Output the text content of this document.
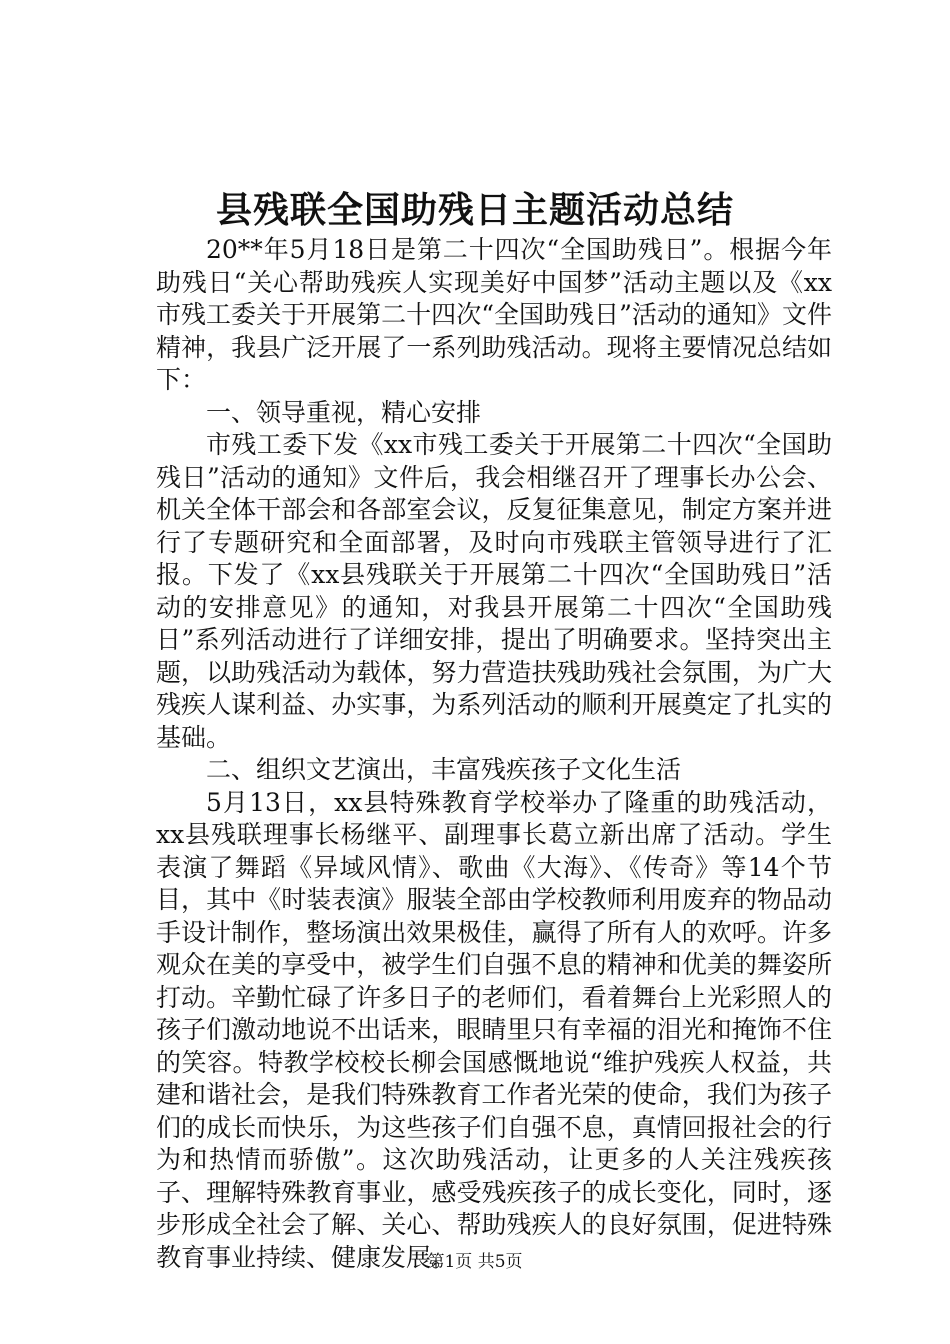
县残联全国助残日主题活动总结

20**年5月18日是第二十四次“全国助残日”。根据今年助残日“关心帮助残疾人实现美好中国梦”活动主题以及《xx市残工委关于开展第二十四次“全国助残日”活动的通知》文件精神，我县广泛开展了一系列助残活动。现将主要情况总结如下：

一、领导重视，精心安排

市残工委下发《xx市残工委关于开展第二十四次“全国助残日”活动的通知》文件后，我会相继召开了理事长办公会、机关全体干部会和各部室会议，反复征集意见，制定方案并进行了专题研究和全面部署，及时向市残联主管领导进行了汇报。下发了《xx县残联关于开展第二十四次“全国助残日”活动的安排意见》的通知，对我县开展第二十四次“全国助残日”系列活动进行了详细安排，提出了明确要求。坚持突出主题，以助残活动为载体，努力营造扶残助残社会氛围，为广大残疾人谋利益、办实事，为系列活动的顺利开展奠定了扎实的基础。

二、组织文艺演出，丰富残疾孩子文化生活

5月13日，xx县特殊教育学校举办了隆重的助残活动，xx县残联理事长杨继平、副理事长葛立新出席了活动。学生表演了舞蹈《异域风情》、歌曲《大海》、《传奇》等14个节目，其中《时装表演》服装全部由学校教师利用废弃的物品动手设计制作，整场演出效果极佳，赢得了所有人的欢呼。许多观众在美的享受中，被学生们自强不息的精神和优美的舞姿所打动。辛勤忙碌了许多日子的老师们，看着舞台上光彩照人的孩子们激动地说不出话来，眼睛里只有幸福的泪光和掩饰不住的笑容。特教学校校长柳会国感慨地说“维护残疾人权益，共建和谐社会，是我们特殊教育工作者光荣的使命，我们为孩子们的成长而快乐，为这些孩子们自强不息，真情回报社会的行为和热情而骄傲”。这次助残活动，让更多的人关注残疾孩子、理解特殊教育事业，感受残疾孩子的成长变化，同时，逐步形成全社会了解、关心、帮助残疾人的良好氛围，促进特殊教育事业持续、健康发展。

第1页 共5页
